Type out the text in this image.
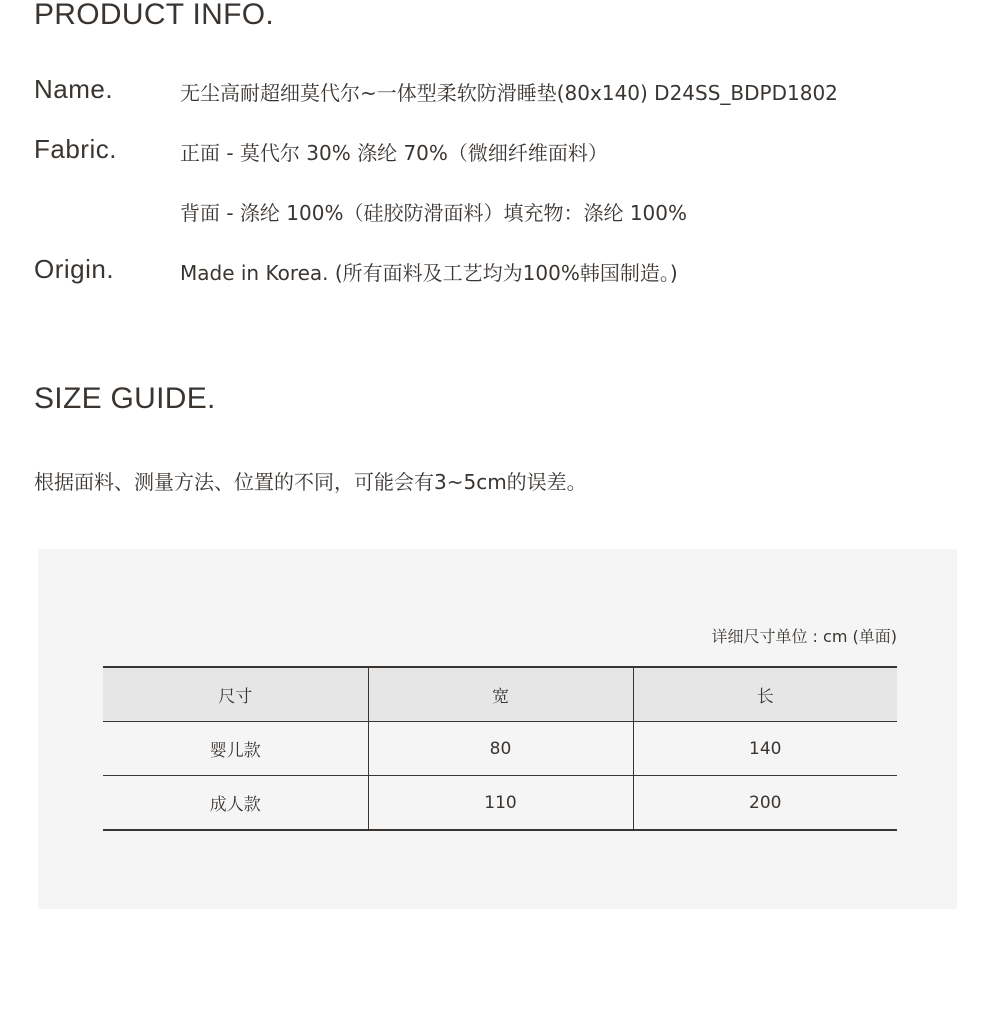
PRODUCT INFO.
Name.	无尘高耐超细莫代尔~一体型柔软防滑睡垫(80x140) D24SS_BDPD1802
Fabric.	正面 - 莫代尔 30% 涤纶 70%（微细纤维面料）
背面 - 涤纶 100%（硅胶防滑面料）填充物：涤纶 100%
Origin.	Made in Korea. (所有面料及工艺均为100%韩国制造。)
SIZE GUIDE.
根据面料、测量方法、位置的不同，可能会有3~5cm的误差。
详细尺寸单位 : cm (单面)
尺寸	宽	长
婴儿款	80	140
成人款	110	200
